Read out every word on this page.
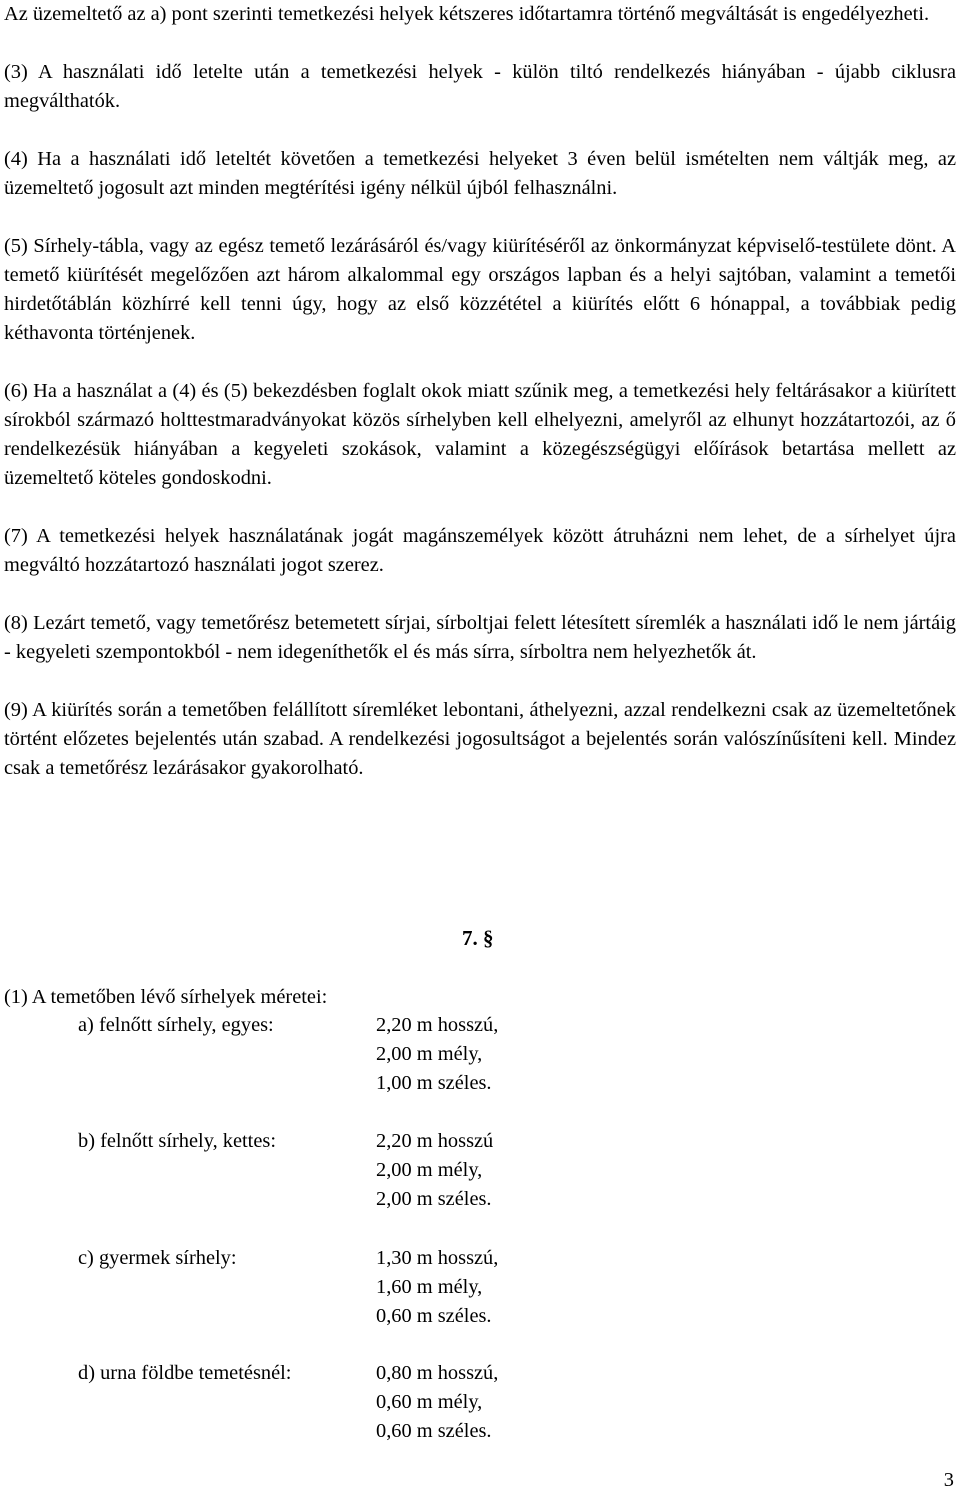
Az üzemeltető az a) pont szerinti temetkezési helyek kétszeres időtartamra történő megváltását is engedélyezheti.

(3) A használati idő letelte után a temetkezési helyek - külön tiltó rendelkezés hiányában - újabb ciklusra megválthatók.

(4) Ha a használati idő leteltét követően a temetkezési helyeket 3 éven belül ismételten nem váltják meg, az üzemeltető jogosult azt minden megtérítési igény nélkül újból felhasználni.

(5) Sírhely-tábla, vagy az egész temető lezárásáról és/vagy kiürítéséről az önkormányzat képviselő-testülete dönt. A temető kiürítését megelőzően azt három alkalommal egy országos lapban és a helyi sajtóban, valamint a temetői hirdetőtáblán közhírré kell tenni úgy, hogy az első közzététel a kiürítés előtt 6 hónappal, a továbbiak pedig kéthavonta történjenek.

(6) Ha a használat a (4) és (5) bekezdésben foglalt okok miatt szűnik meg, a temetkezési hely feltárásakor a kiürített sírokból származó holttestmaradványokat közös sírhelyben kell elhelyezni, amelyről az elhunyt hozzátartozói, az ő rendelkezésük hiányában a kegyeleti szokások, valamint a közegészségügyi előírások betartása mellett az üzemeltető köteles gondoskodni.

(7) A temetkezési helyek használatának jogát magánszemélyek között átruházni nem lehet, de a sírhelyet újra megváltó hozzátartozó használati jogot szerez.

(8) Lezárt temető, vagy temetőrész betemetett sírjai, sírboltjai felett létesített síremlék a használati idő le nem jártáig - kegyeleti szempontokból - nem idegeníthetők el és más sírra, sírboltra nem helyezhetők át.

(9) A kiürítés során a temetőben felállított síremléket lebontani, áthelyezni, azzal rendelkezni csak az üzemeltetőnek történt előzetes bejelentés után szabad. A rendelkezési jogosultságot a bejelentés során valószínűsíteni kell. Mindez csak a temetőrész lezárásakor gyakorolható.

7. §

(1) A temetőben lévő sírhelyek méretei:

a) felnőtt sírhely, egyes:	2,20 m hosszú,
2,00 m mély,
1,00 m széles.
b) felnőtt sírhely, kettes:	2,20 m hosszú
2,00 m mély,
2,00 m széles.
c) gyermek sírhely:	1,30 m hosszú,
1,60 m mély,
0,60 m széles.
d) urna földbe temetésnél:	0,80 m hosszú,
0,60 m mély,
0,60 m széles.
3
